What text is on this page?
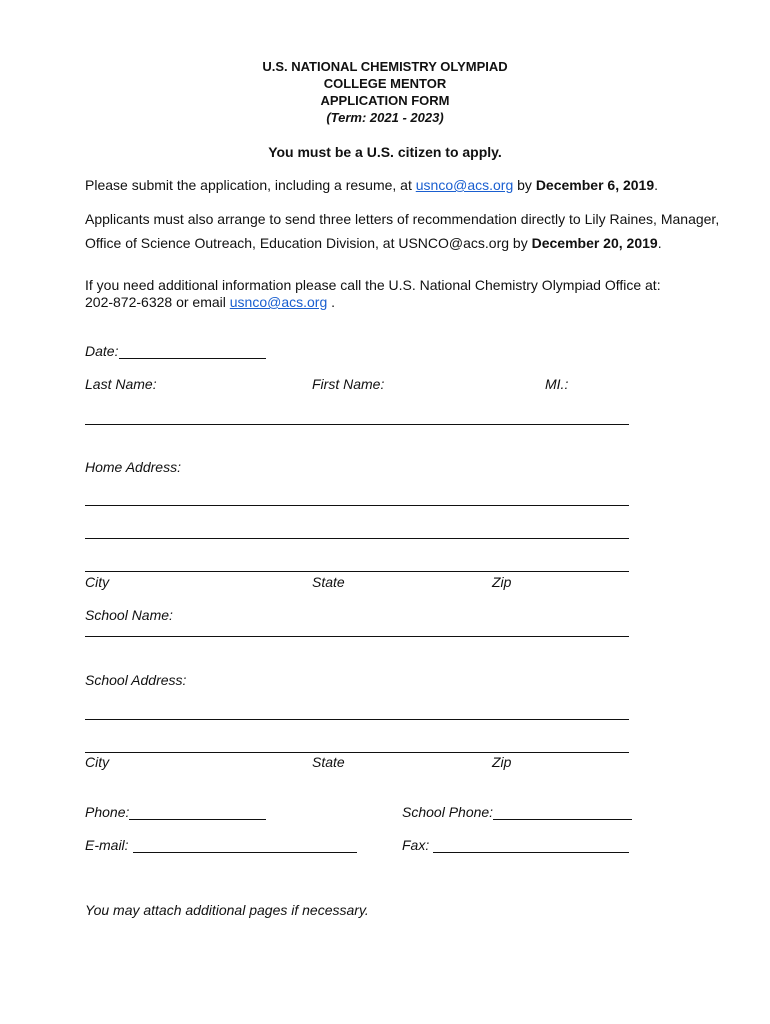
U.S. NATIONAL CHEMISTRY OLYMPIAD
COLLEGE MENTOR
APPLICATION FORM
(Term: 2021 - 2023)
You must be a U.S. citizen to apply.
Please submit the application, including a resume, at usnco@acs.org by December 6, 2019.
Applicants must also arrange to send three letters of recommendation directly to Lily Raines, Manager,
Office of Science Outreach, Education Division, at USNCO@acs.org by December 20, 2019.
If you need additional information please call the U.S. National Chemistry Olympiad Office at:
202-872-6328 or email usnco@acs.org .
Date:
Last Name:	First Name:	MI.:
Home Address:
City	State	Zip
School Name:
School Address:
City	State	Zip
Phone:	School Phone:
E-mail:	Fax:
You may attach additional pages if necessary.
